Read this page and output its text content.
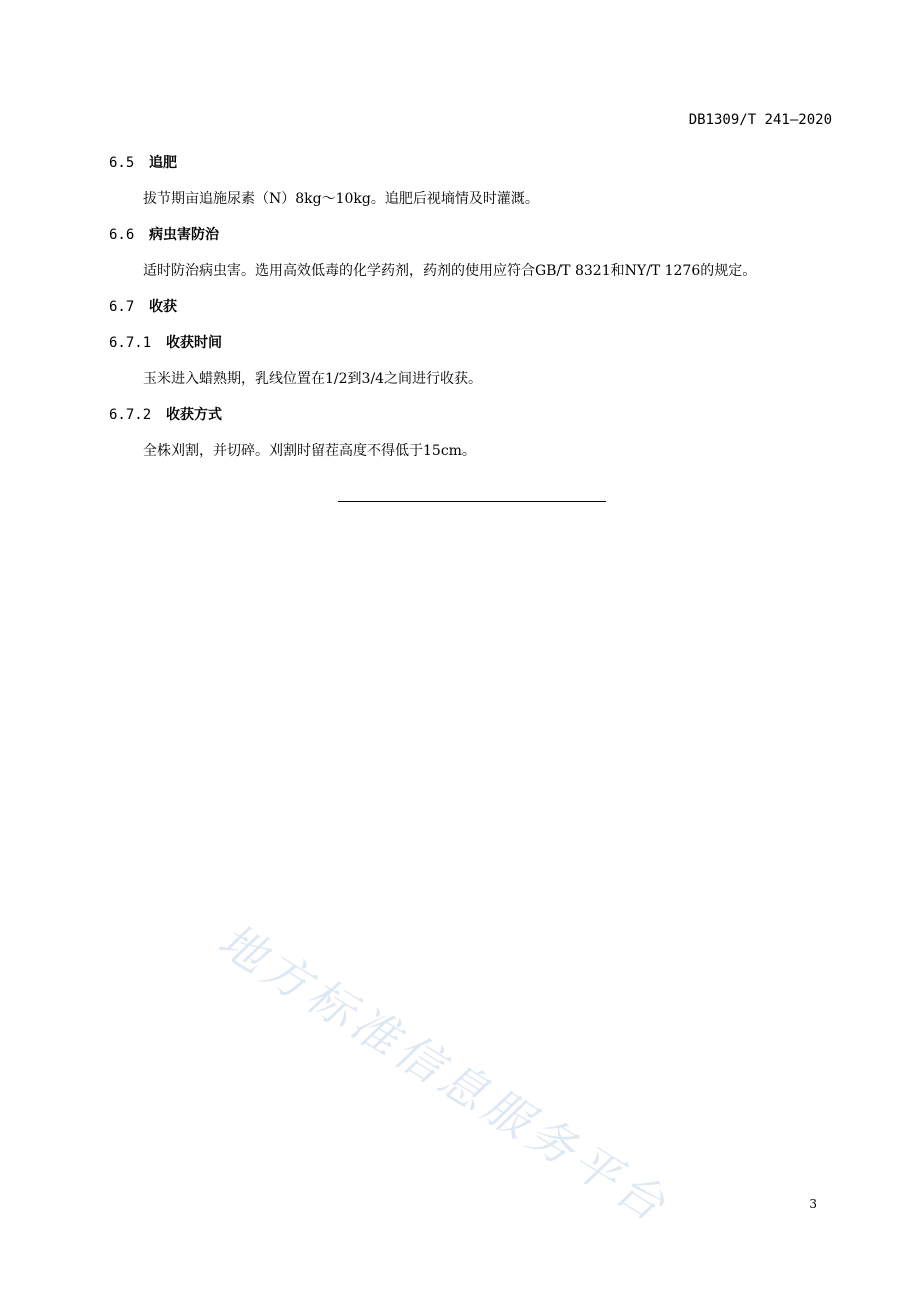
DB1309/T 241—2020
6.5 追肥
拔节期亩追施尿素（N）8kg～10kg。追肥后视墒情及时灌溉。
6.6 病虫害防治
适时防治病虫害。选用高效低毒的化学药剂，药剂的使用应符合GB/T 8321和NY/T 1276的规定。
6.7 收获
6.7.1 收获时间
玉米进入蜡熟期，乳线位置在1/2到3/4之间进行收获。
6.7.2 收获方式
全株刈割，并切碎。刈割时留茬高度不得低于15cm。
地方标准信息服务平台	3
